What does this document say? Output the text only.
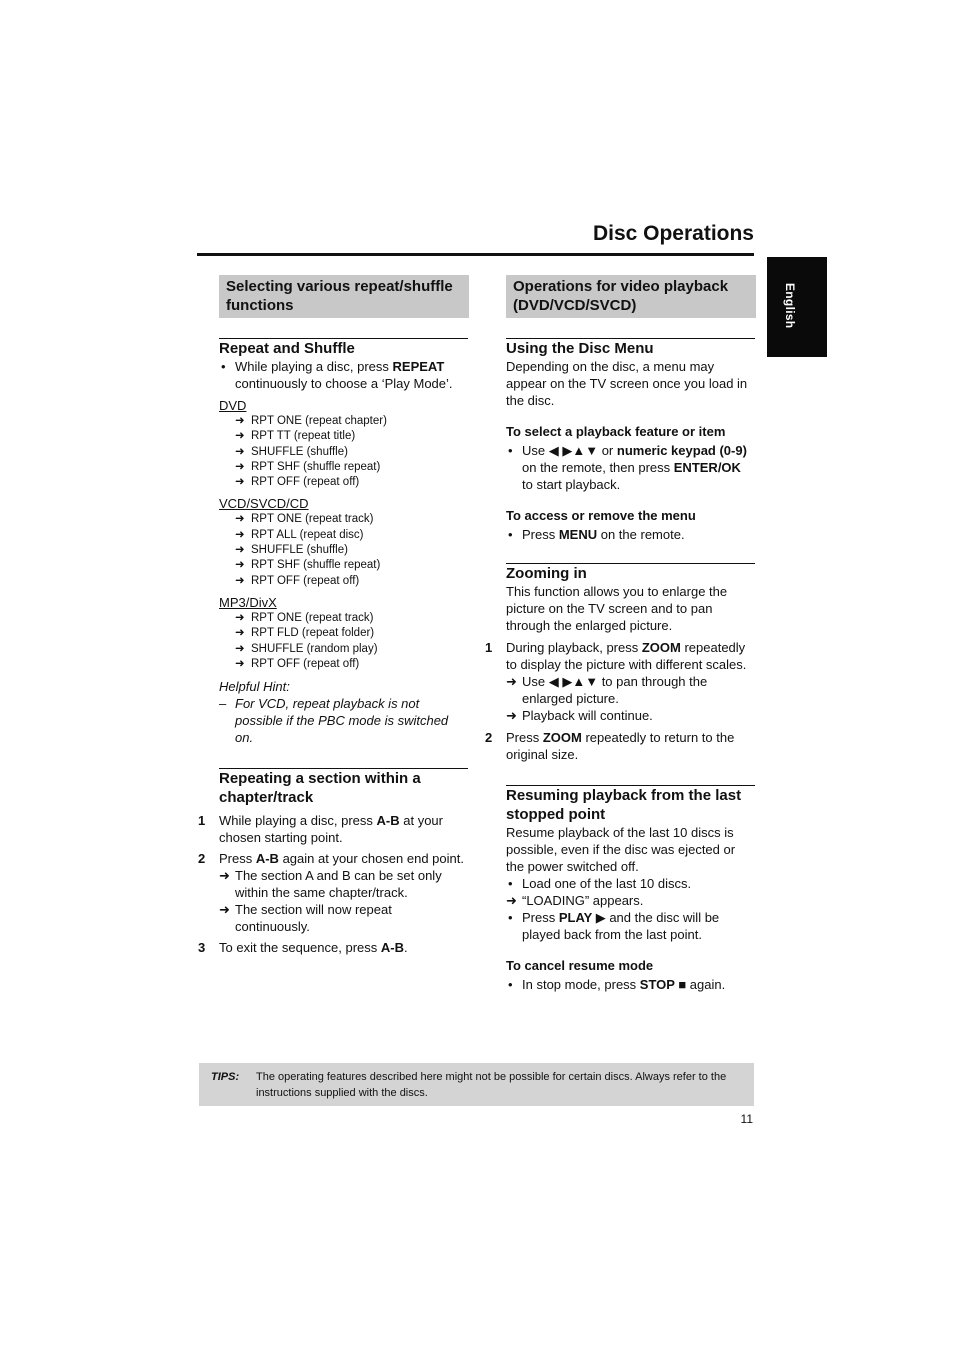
Disc Operations
English
Selecting various repeat/shuffle functions
Repeat and Shuffle

• While playing a disc, press REPEAT continuously to choose a ‘Play Mode’.

DVD

➜ RPT ONE (repeat chapter)
➜ RPT TT (repeat title)
➜ SHUFFLE (shuffle)
➜ RPT SHF (shuffle repeat)
➜ RPT OFF (repeat off)

VCD/SVCD/CD

➜ RPT ONE (repeat track)
➜ RPT ALL (repeat disc)
➜ SHUFFLE (shuffle)
➜ RPT SHF (shuffle repeat)
➜ RPT OFF (repeat off)

MP3/DivX

➜ RPT ONE (repeat track)
➜ RPT FLD (repeat folder)
➜ SHUFFLE (random play)
➜ RPT OFF (repeat off)

Helpful Hint:

– For VCD, repeat playback is not possible if the PBC mode is switched on.

Repeating a section within a chapter/track

1 While playing a disc, press A-B at your chosen starting point.

2 Press A-B again at your chosen end point.

➜ The section A and B can be set only within the same chapter/track.
➜ The section will now repeat continuously.

3 To exit the sequence, press A-B.

Operations for video playback (DVD/VCD/SVCD)
Using the Disc Menu

Depending on the disc, a menu may appear on the TV screen once you load in the disc.

To select a playback feature or item

• Use ◀ ▶▲▼ or numeric keypad (0-9) on the remote, then press ENTER/OK to start playback.

To access or remove the menu

• Press MENU on the remote.

Zooming in

This function allows you to enlarge the picture on the TV screen and to pan through the enlarged picture.

1 During playback, press ZOOM repeatedly to display the picture with different scales.

➜ Use ◀ ▶▲▼ to pan through the enlarged picture.
➜ Playback will continue.

2 Press ZOOM repeatedly to return to the original size.

Resuming playback from the last stopped point

Resume playback of the last 10 discs is possible, even if the disc was ejected or the power switched off.

• Load one of the last 10 discs.

➜ “LOADING” appears.

• Press PLAY ▶ and the disc will be played back from the last point.

To cancel resume mode

• In stop mode, press STOP ■ again.

TIPS: The operating features described here might not be possible for certain discs. Always refer to the instructions supplied with the discs.
11
